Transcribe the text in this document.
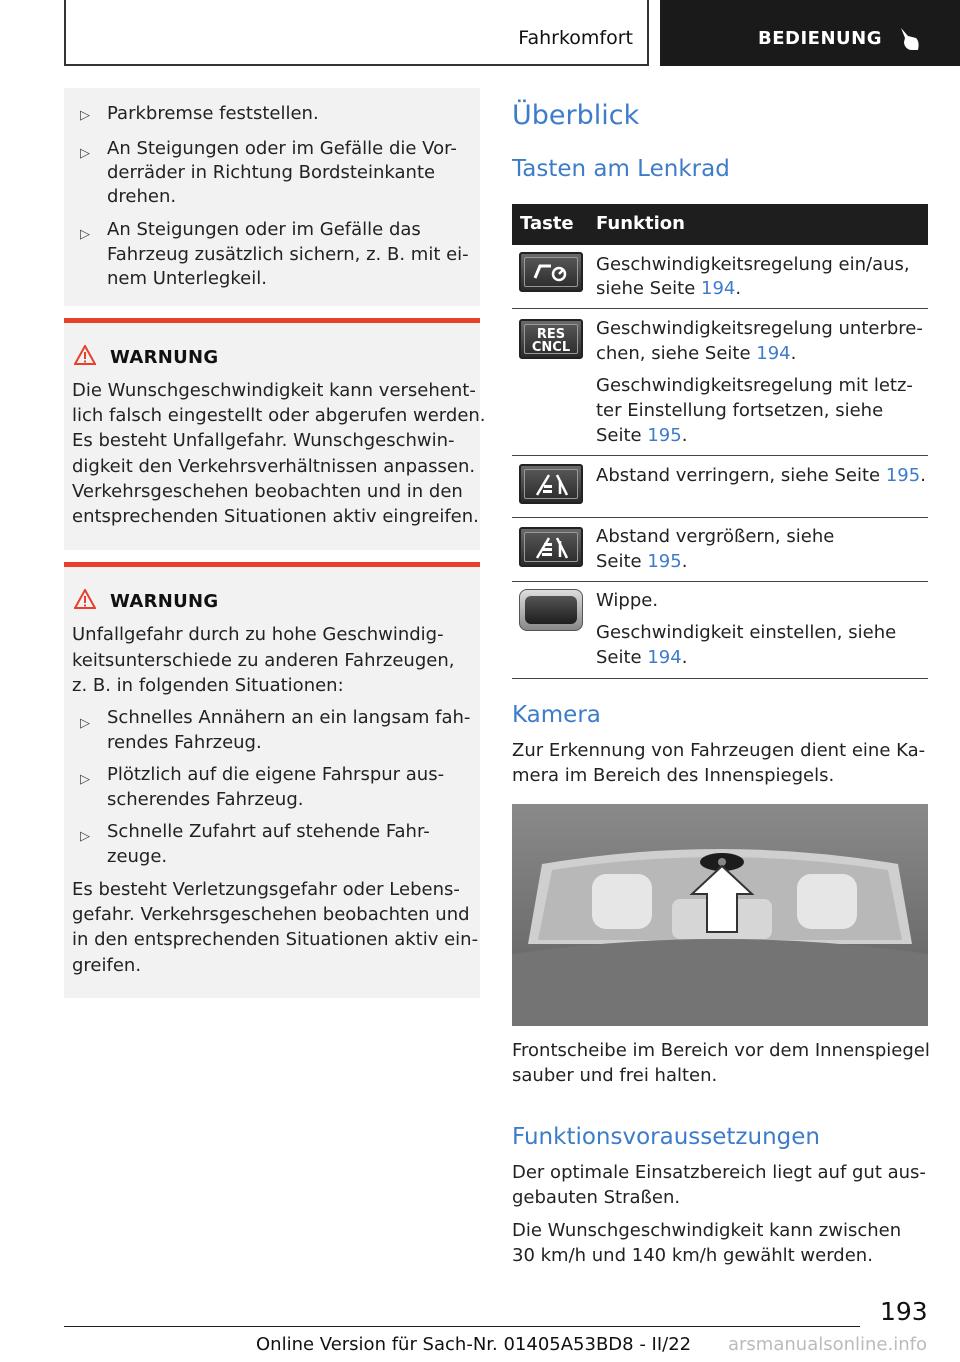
Fahrkomfort	BEDIENUNG
▷ Parkbremse feststellen.
▷ An Steigungen oder im Gefälle die Vor-
derräder in Richtung Bordsteinkante
drehen.
▷ An Steigungen oder im Gefälle das
Fahrzeug zusätzlich sichern, z. B. mit ei-
nem Unterlegkeil.
WARNUNG
Die Wunschgeschwindigkeit kann versehent-
lich falsch eingestellt oder abgerufen werden.
Es besteht Unfallgefahr. Wunschgeschwin-
digkeit den Verkehrsverhältnissen anpassen.
Verkehrsgeschehen beobachten und in den
entsprechenden Situationen aktiv eingreifen.
WARNUNG
Unfallgefahr durch zu hohe Geschwindig-
keitsunterschiede zu anderen Fahrzeugen,
z. B. in folgenden Situationen:
▷ Schnelles Annähern an ein langsam fah-
rendes Fahrzeug.
▷ Plötzlich auf die eigene Fahrspur aus-
scherendes Fahrzeug.
▷ Schnelle Zufahrt auf stehende Fahr-
zeuge.
Es besteht Verletzungsgefahr oder Lebens-
gefahr. Verkehrsgeschehen beobachten und
in den entsprechenden Situationen aktiv ein-
greifen.
Überblick
Tasten am Lenkrad
Taste Funktion
Geschwindigkeitsregelung ein/aus,
siehe Seite 194.
RES
CNCL
Geschwindigkeitsregelung unterbre-
chen, siehe Seite 194.
Geschwindigkeitsregelung mit letz-
ter Einstellung fortsetzen, siehe
Seite 195.
Abstand verringern, siehe Seite 195.
Abstand vergrößern, siehe
Seite 195.
Wippe.
Geschwindigkeit einstellen, siehe
Seite 194.
Kamera
Zur Erkennung von Fahrzeugen dient eine Ka-
mera im Bereich des Innenspiegels.
Frontscheibe im Bereich vor dem Innenspiegel
sauber und frei halten.
Funktionsvoraussetzungen
Der optimale Einsatzbereich liegt auf gut aus-
gebauten Straßen.
Die Wunschgeschwindigkeit kann zwischen
30 km/h und 140 km/h gewählt werden.
193
Online Version für Sach-Nr. 01405A53BD8 - II/22 arsmanualsonline.info
